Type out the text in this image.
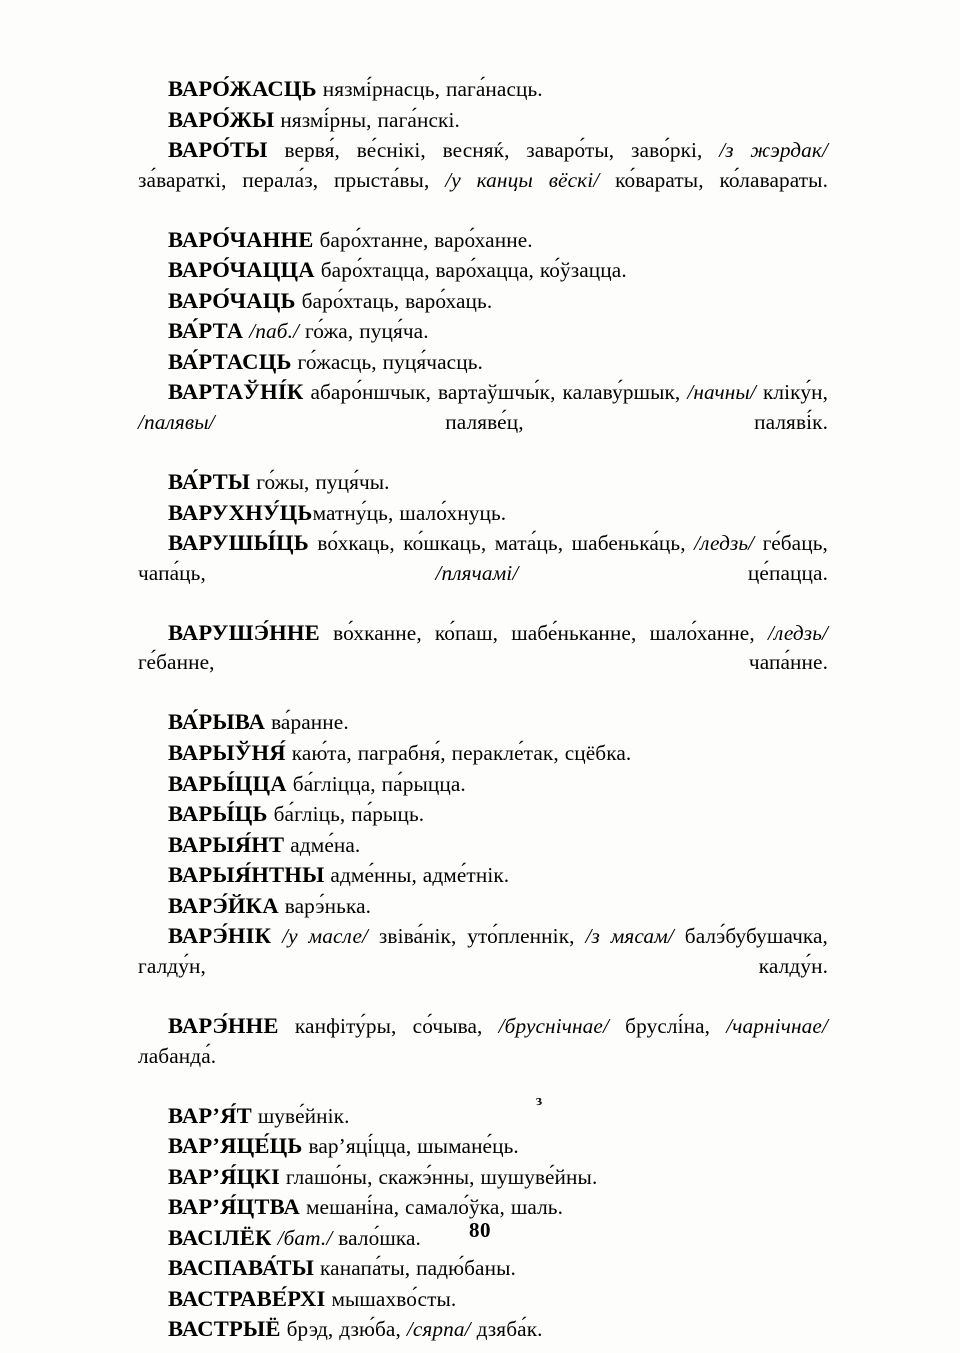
ВАРО́ЖАСЦЬ нязмі́рнасць, пага́насць.

ВАРО́ЖЫ нязмі́рны, пага́нскі.

ВАРО́ТЫ вервя́, ве́снікі, весняќ, заваро́ты, заво́ркі, /з жэрдак/ за́вараткі, перала́з, прыста́вы, /у канцы вёскі/ ко́вараты, ко́лавараты.

ВАРО́ЧАННЕ баро́хтанне, варо́ханне.

ВАРО́ЧАЦЦА баро́хтацца, варо́хацца, ко́ўзацца.

ВАРО́ЧАЦЬ баро́хтаць, варо́хаць.

ВА́РТА /паб./ го́жа, пуця́ча.

ВА́РТАСЦЬ го́жасць, пуця́часць.

ВАРТАЎНІ́К абаро́ншчык, вартаўшчы́к, калаву́ршык, /начны/ кліку́н, /палявы/ паляве́ц, паляві́к.

ВА́РТЫ го́жы, пуця́чы.

ВАРУХНУ́ЦЬматну́ць, шало́хнуць.

ВАРУШЫ́ЦЬ во́хкаць, ко́шкаць, мата́ць, шабенька́ць, /ледзь/ ге́баць, чапа́ць, /плячамі/ це́пацца.

ВАРУШЭ́ННЕ во́хканне, ко́паш, шабе́ньканне, шало́ханне, /ледзь/ ге́банне, чапа́нне.

ВА́РЫВА ва́ранне.

ВАРЫЎНЯ́ каю́та, паграбня́, перакле́так, сцёбка.

ВАРЫ́ЦЦА ба́гліцца, па́рыцца.

ВАРЫ́ЦЬ ба́гліць, па́рыць.

ВАРЫЯ́НТ адме́на.

ВАРЫЯ́НТНЫ адме́нны, адме́тнік.

ВАРЭ́ЙКА варэ́нька.

ВАРЭ́НІК /у масле/ звіва́нік, уто́пленнік, /з мясам/ балэ́бубушачка, галду́н, калду́н.

ВАРЭ́ННЕ канфіту́ры, со́чыва, /бруснічнае/ бруслі́на, /чарнічнае/ лабанда́.

ВАР’Я́Т шуве́йнік.

ВАР’ЯЦЕ́ЦЬ вар’яці́цца, шымане́ць.

ВАР’Я́ЦКІ глашо́ны, скажэ́нны, шушуве́йны.

ВАР’Я́ЦТВА мешані́на, самало́ўка, шаль.

ВАСІЛЁК /бат./ вало́шка.

ВАСПАВА́ТЫ канапа́ты, падю́баны.

ВАСТРАВЕ́РХІ мышахво́сты.

ВАСТРЫЁ брэд, дзю́ба, /сярпа/ дзяба́к.

з
80
